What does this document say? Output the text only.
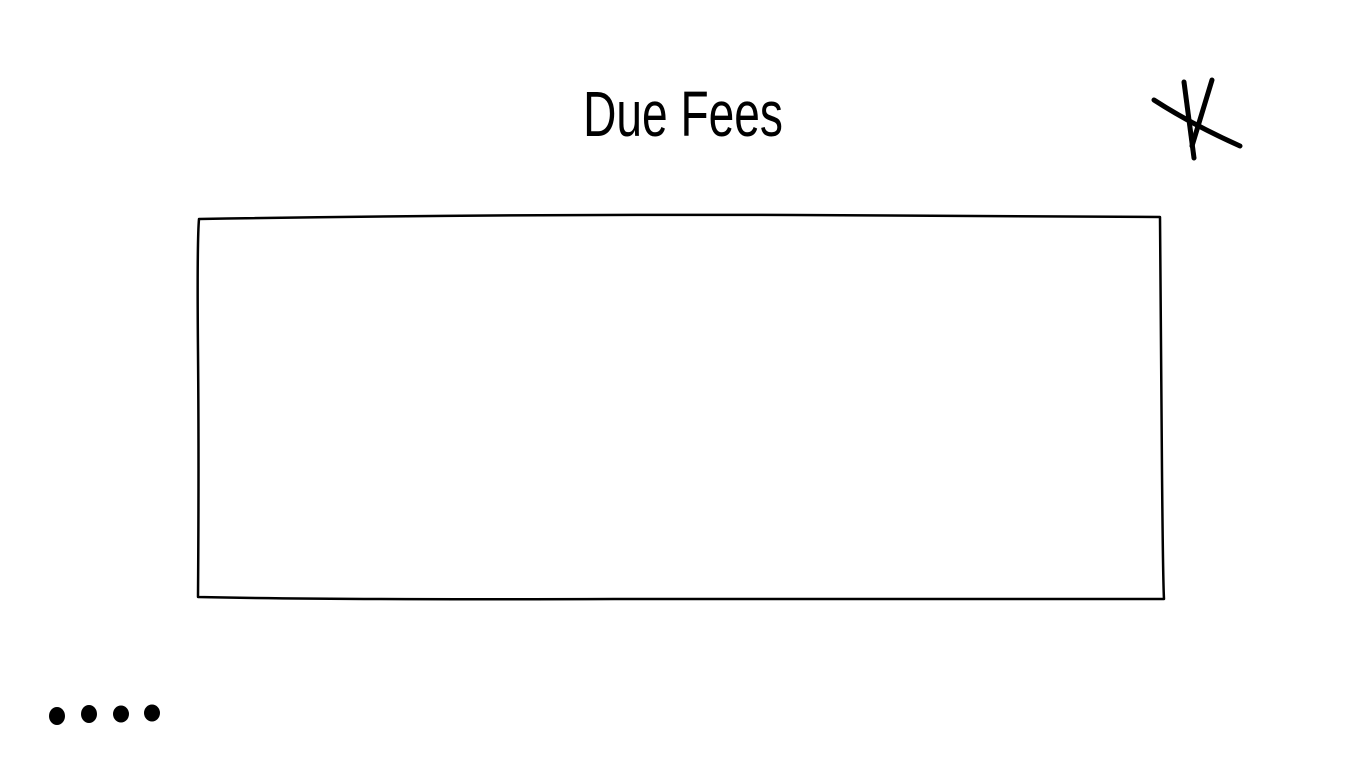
Due Fees
